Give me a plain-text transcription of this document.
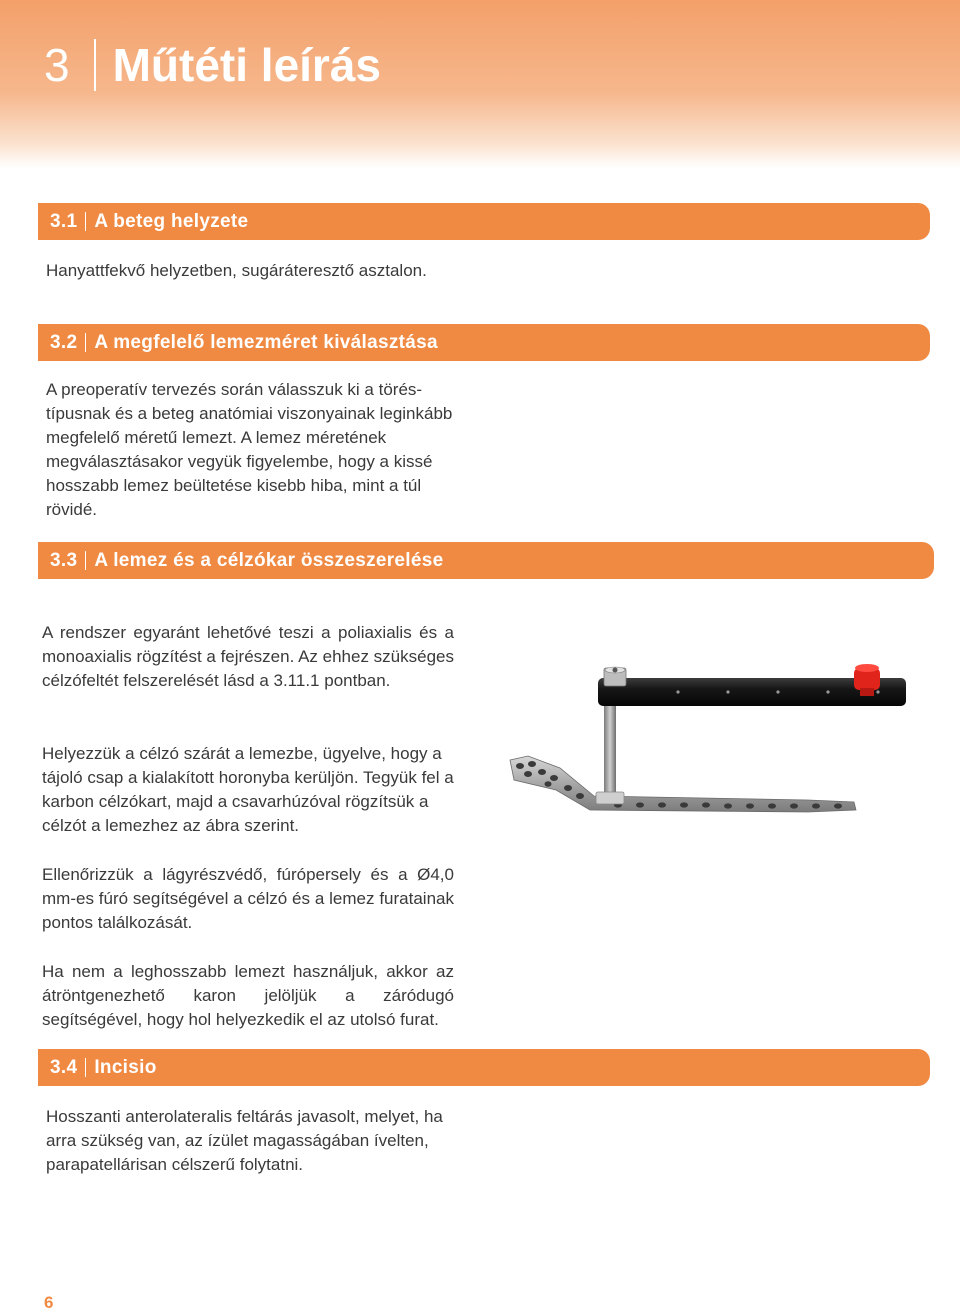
3 Műtéti leírás
3.1 A beteg helyzete

Hanyattfekvő helyzetben, sugáráteresztő asztalon.

3.2 A megfelelő lemezméret kiválasztása

A preoperatív tervezés során válasszuk ki a töréstípusnak és a beteg anatómiai viszonyainak leginkább megfelelő méretű lemezt. A lemez méretének megválasztásakor vegyük figyelembe, hogy a kissé hosszabb lemez beültetése kisebb hiba, mint a túl rövidé.

3.3 A lemez és a célzókar összeszerelése

A rendszer egyaránt lehetővé teszi a poliaxialis és a monoaxialis rögzítést a fejrészen. Az ehhez szükséges célzófeltét felszerelését lásd a 3.11.1 pontban.

Helyezzük a célzó szárát a lemezbe, ügyelve, hogy a tájoló csap a kialakított horonyba kerüljön. Tegyük fel a karbon célzókart, majd a csavarhúzóval rögzítsük a célzót a lemezhez az ábra szerint.

Ellenőrizzük a lágyrészvédő, fúrópersely és a Ø4,0 mm-es fúró segítségével a célzó és a lemez furatainak pontos találkozását.

Ha nem a leghosszabb lemezt használjuk, akkor az átröntgenezhető karon jelöljük a záródugó segítségével, hogy hol helyezkedik el az utolsó furat.

3.4 Incisio

Hosszanti anterolateralis feltárás javasolt, melyet, ha arra szükség van, az ízület magasságában ívelten, parapatellárisan célszerű folytatni.

6
